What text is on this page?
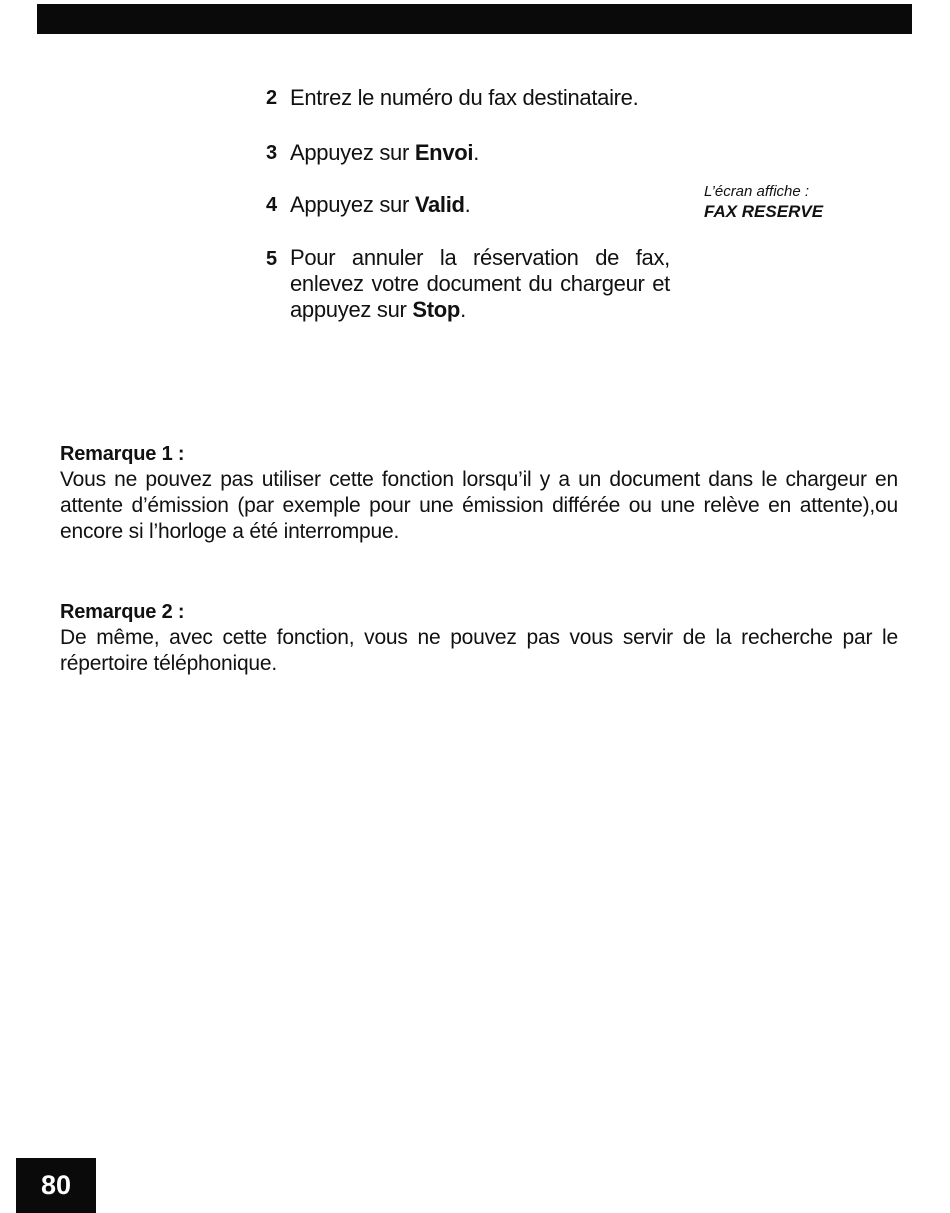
2 Entrez le numéro du fax destinataire.
3 Appuyez sur Envoi.
4 Appuyez sur Valid.
L’écran affiche :
FAX RESERVE
5 Pour annuler la réservation de fax, enlevez votre document du chargeur et appuyez sur Stop.
Remarque 1 :
Vous ne pouvez pas utiliser cette fonction lorsqu’il y a un document dans le chargeur en attente d’émission (par exemple pour une émission différée ou une relève en attente),ou encore si l’horloge a été interrompue.
Remarque 2 :
De même, avec cette fonction, vous ne pouvez pas vous servir de la recherche par le répertoire téléphonique.
80
